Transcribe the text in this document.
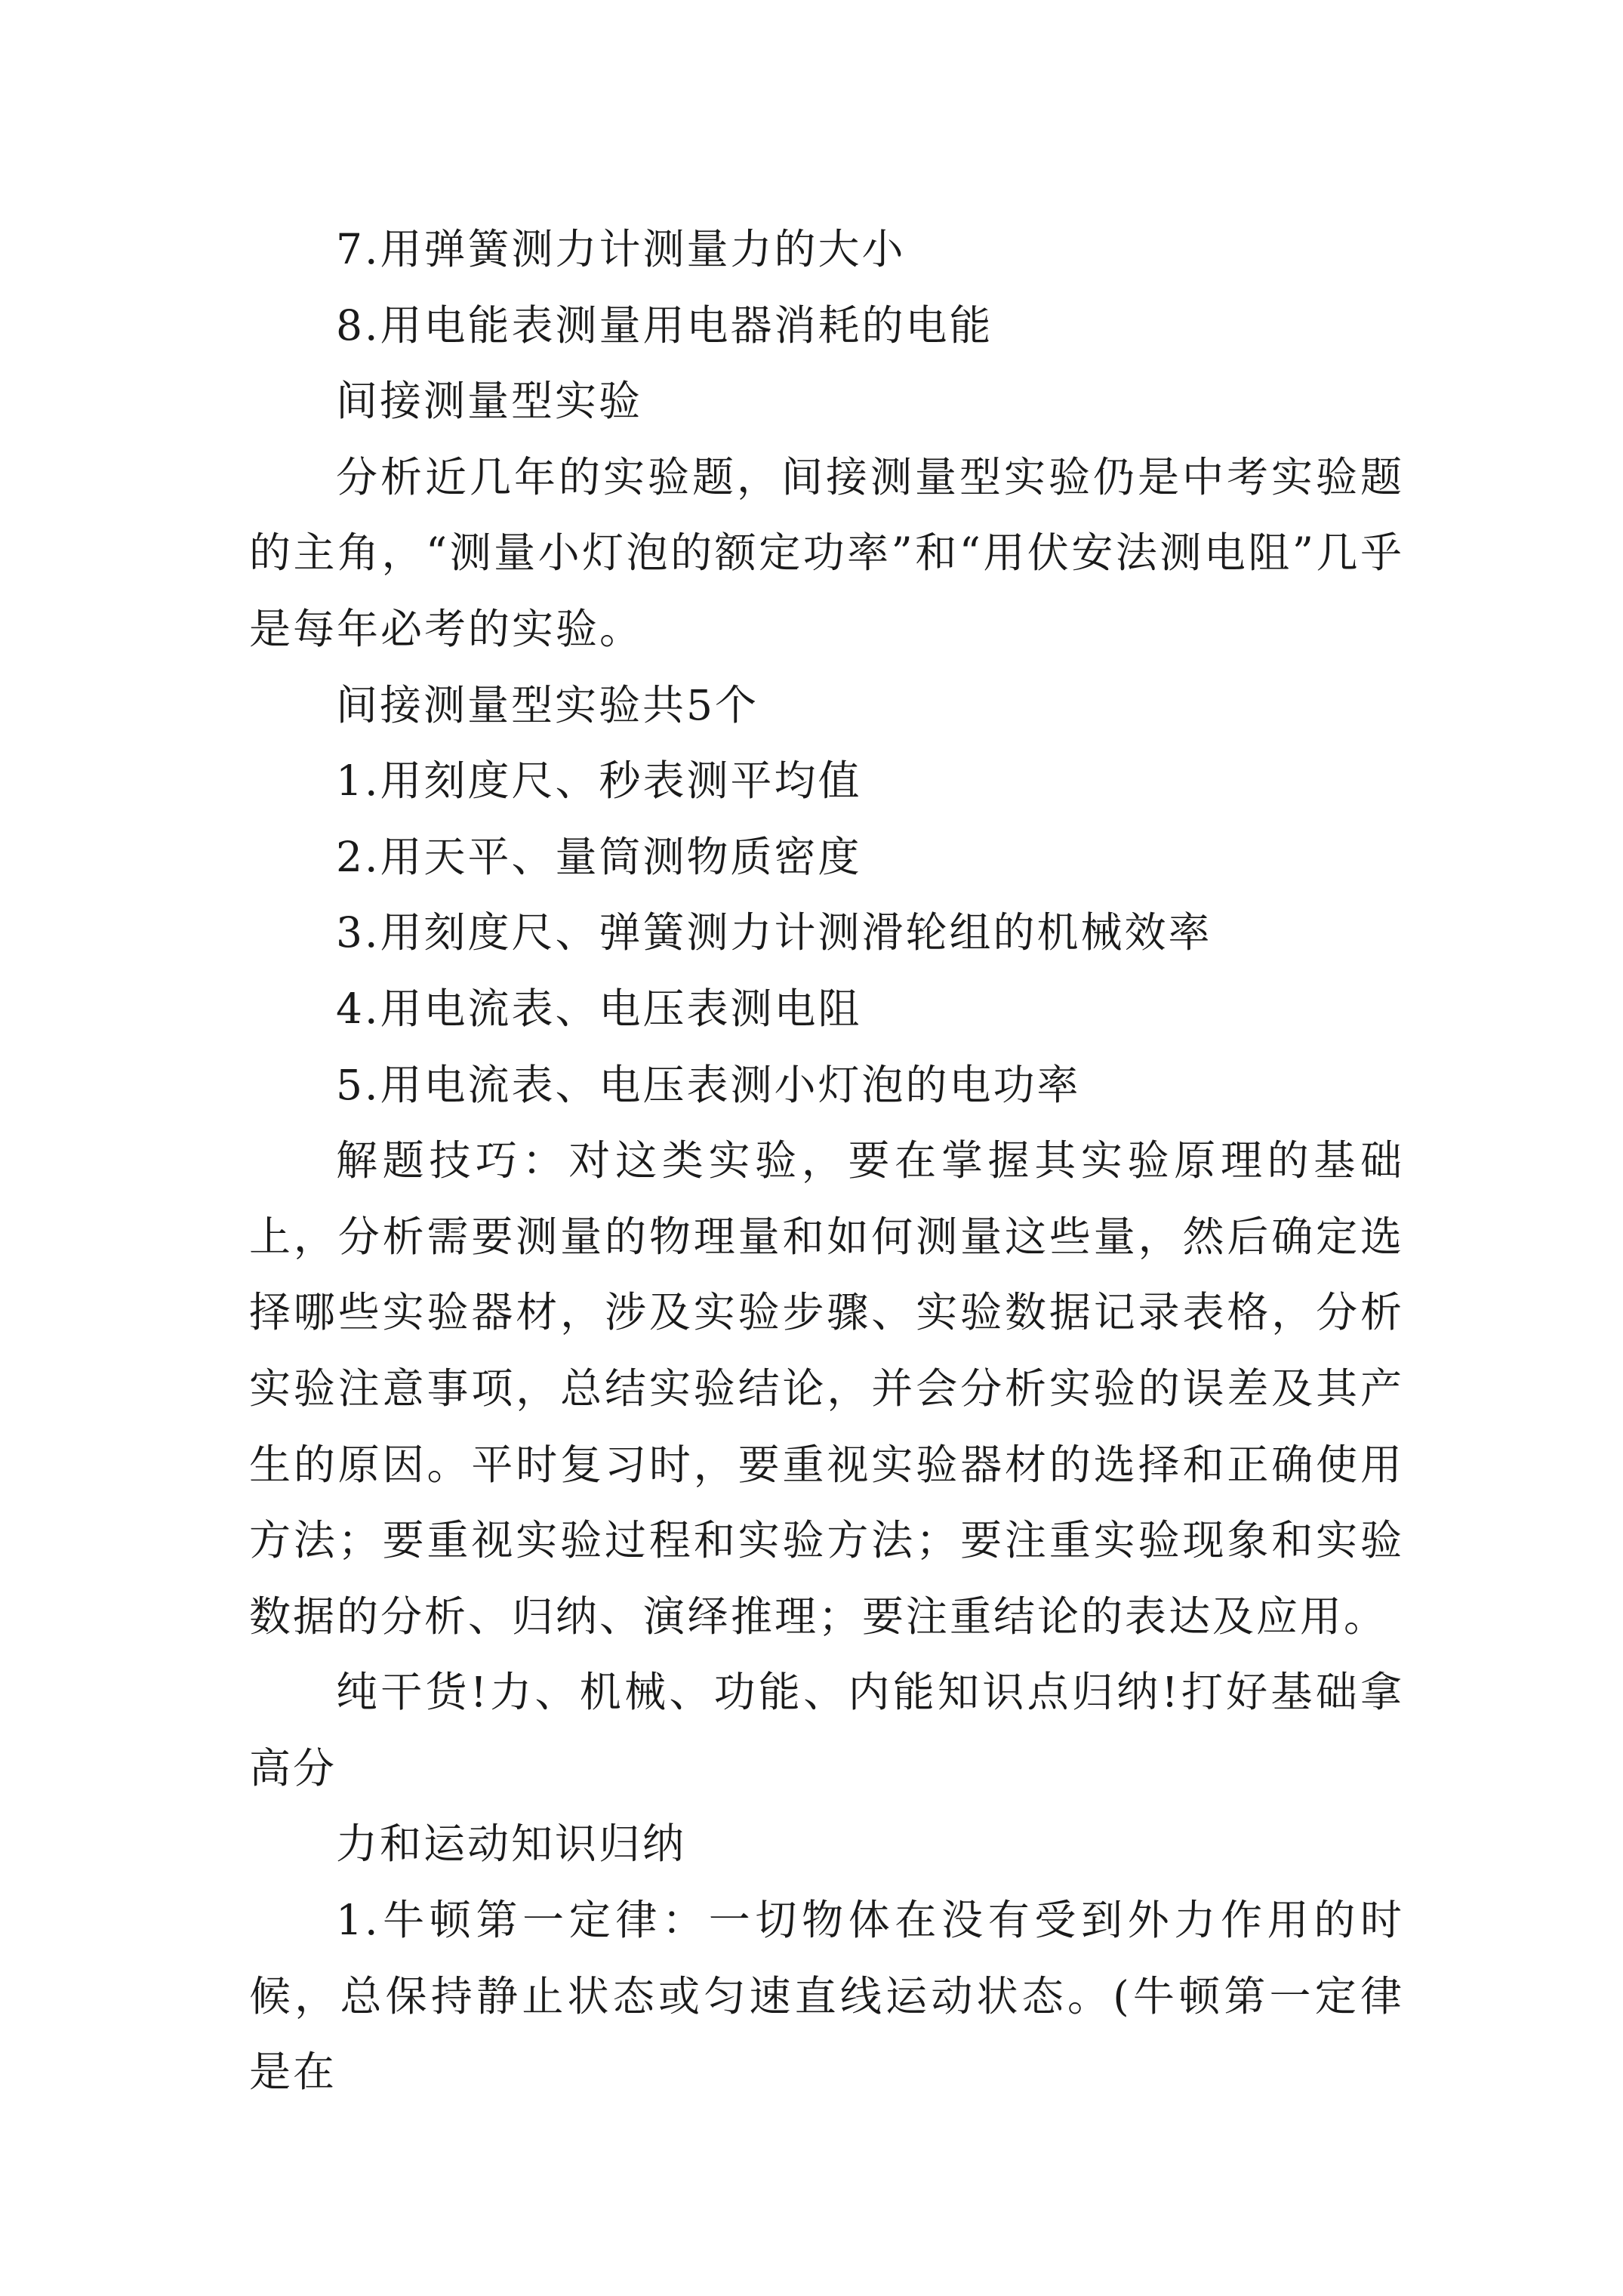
7.用弹簧测力计测量力的大小

8.用电能表测量用电器消耗的电能

间接测量型实验

分析近几年的实验题，间接测量型实验仍是中考实验题的主角，“测量小灯泡的额定功率”和“用伏安法测电阻”几乎是每年必考的实验。

间接测量型实验共5个

1.用刻度尺、秒表测平均值

2.用天平、量筒测物质密度

3.用刻度尺、弹簧测力计测滑轮组的机械效率

4.用电流表、电压表测电阻

5.用电流表、电压表测小灯泡的电功率

解题技巧：对这类实验，要在掌握其实验原理的基础上，分析需要测量的物理量和如何测量这些量，然后确定选择哪些实验器材，涉及实验步骤、实验数据记录表格，分析实验注意事项，总结实验结论，并会分析实验的误差及其产生的原因。平时复习时，要重视实验器材的选择和正确使用方法；要重视实验过程和实验方法；要注重实验现象和实验数据的分析、归纳、演绎推理；要注重结论的表达及应用。

纯干货!力、机械、功能、内能知识点归纳!打好基础拿高分

力和运动知识归纳

1.牛顿第一定律：一切物体在没有受到外力作用的时候，总保持静止状态或匀速直线运动状态。(牛顿第一定律是在
